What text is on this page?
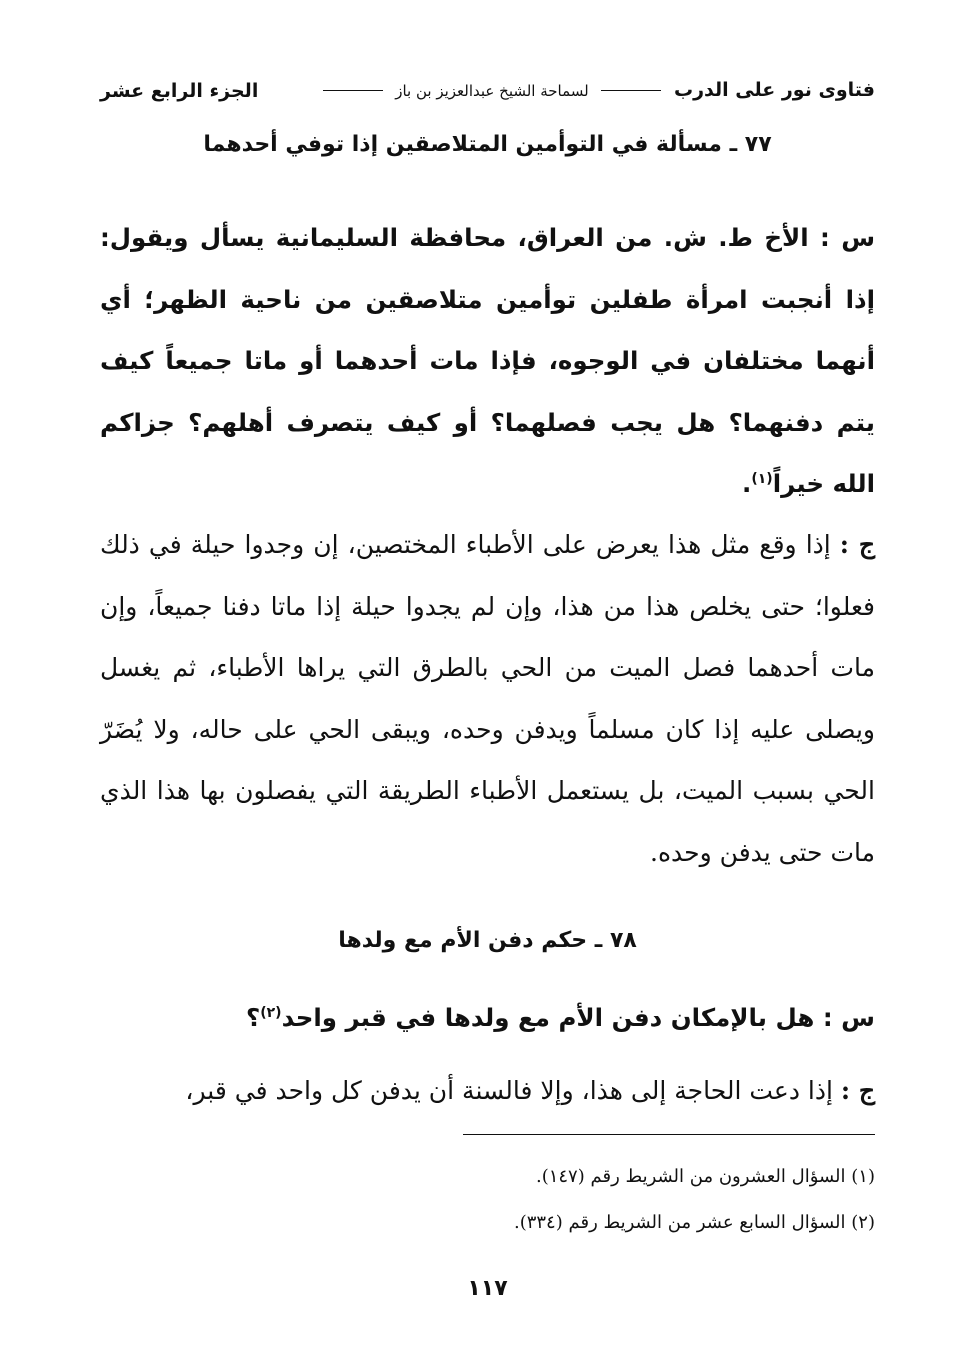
فتاوى نور على الدرب  لسماحة الشيخ عبدالعزيز بن باز
الجزء الرابع عشر
٧٧ ـ مسألة في التوأمين المتلاصقين إذا توفي أحدهما

س : الأخ ط. ش. من العراق، محافظة السليمانية يسأل ويقول: إذا أنجبت امرأة طفلين توأمين متلاصقين من ناحية الظهر؛ أي أنهما مختلفان في الوجوه، فإذا مات أحدهما أو ماتا جميعاً كيف يتم دفنهما؟ هل يجب فصلهما؟ أو كيف يتصرف أهلهم؟ جزاكم الله خيراً$^{(١)}$.

ج : إذا وقع مثل هذا يعرض على الأطباء المختصين، إن وجدوا حيلة في ذلك فعلوا؛ حتى يخلص هذا من هذا، وإن لم يجدوا حيلة إذا ماتا دفنا جميعاً، وإن مات أحدهما فصل الميت من الحي بالطرق التي يراها الأطباء، ثم يغسل ويصلى عليه إذا كان مسلماً ويدفن وحده، ويبقى الحي على حاله، ولا يُضَرّ الحي بسبب الميت، بل يستعمل الأطباء الطريقة التي يفصلون بها هذا الذي مات حتى يدفن وحده.

٧٨ ـ حكم دفن الأم مع ولدها

س : هل بالإمكان دفن الأم مع ولدها في قبر واحد$^{(٢)}$؟

ج : إذا دعت الحاجة إلى هذا، وإلا فالسنة أن يدفن كل واحد في قبر،

(١) السؤال العشرون من الشريط رقم (١٤٧).
(٢) السؤال السابع عشر من الشريط رقم (٣٣٤).
١١٧
